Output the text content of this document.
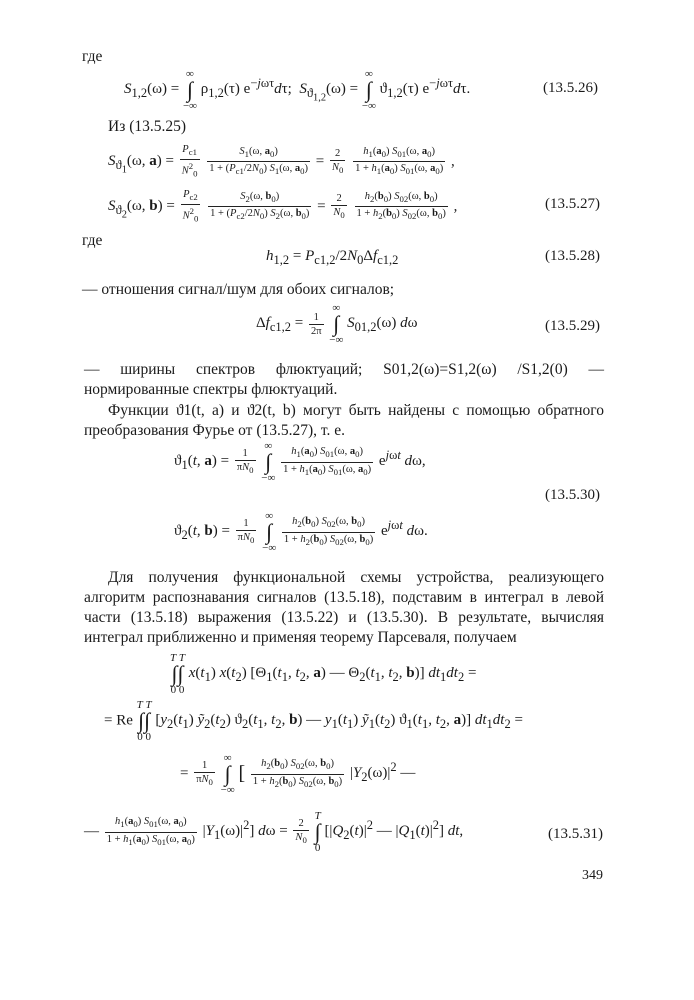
где
$S_{1,2}(\omega)$ =
∞
∫
−∞
$\rho_{1,2}(\tau)$ $e^{-j\omega\tau}d\tau$;  $S_{ϑ_{1,2}}(\omega)$ =
∞
∫
−∞
$ϑ_{1,2}(\tau)$ $e^{-j\omega\tau}d\tau$.	(13.5.26)
Из (13.5.25)
$S_{ϑ_1}(\omega$, $a) = \frac{P_{c1}}{N^2_0}$
$\frac{S_1(\omega, a_0)}{1 + (P_{c1}/2N_0) S_1(\omega, a_0)} = \frac{2}{N_0}$
$\frac{h_1(a_0) S_{01}(\omega, a_0)}{1 + h_1(a_0) S_{01}(\omega, a_0)}$ ,
$S_{ϑ_2}(\omega$, $b) = \frac{P_{c2}}{N^2_0}$
$\frac{S_2(\omega, b_0)}{1 + (P_{c2}/2N_0) S_2(\omega, b_0)} = \frac{2}{N_0}$
$\frac{h_2(b_0) S_{02}(\omega, b_0)}{1 + h_2(b_0) S_{02}(\omega, b_0)}$ ,	(13.5.27)
где
$h_{1,2} = P_{c1,2}/2N_0\Delta f_{c1,2}$	(13.5.28)
— отношения сигнал/шум для обоих сигналов;
$\Delta f_{c1,2} = \frac{1}{2\pi}$

∞
∫
−∞
$S_{01,2}(\omega)$ dω	(13.5.29)
— ширины спектров флюктуаций; S01,2(ω)=S1,2(ω) /S1,2(0) — нормированные спектры флюктуаций.
Функции ϑ1(t, a) и ϑ2(t, b) могут быть найдены с помощью обратного преобразования Фурье от (13.5.27), т. е.
$ϑ_1(t$, $a) = \frac{1}{\pi N_0}$

∞
∫
−∞
$\frac{h_1(a_0) S_{01}(\omega, a_0)}{1 + h_1(a_0) S_{01}(\omega, a_0)} e^{j\omega t}$ dω,
(13.5.30)
$ϑ_2(t$, $b) = \frac{1}{\pi N_0}$

∞
∫
−∞
$\frac{h_2(b_0) S_{02}(\omega, b_0)}{1 + h_2(b_0) S_{02}(\omega, b_0)} e^{j\omega t}$ dω.
Для получения функциональной схемы устройства, реализующего алгоритм распознавания сигналов (13.5.18), подставим в интеграл в левой части (13.5.18) выражения (13.5.22) и (13.5.30). В результате, вычисляя интеграл приближенно и применяя теорему Парсеваля, получаем
T T
∫∫
0 0
$x(t_1)$ $x(t_2)$ [$\Theta_1(t_1$, $t_2$, a) — $\Theta_2(t_1$, $t_2$, b)] $dt_1dt_2$ =
= Re
T T
∫∫
0 0
[$y_2(t_1)$ $ỹ_2(t_2)$ $ϑ_2(t_1$, $t_2$, b) — $y_1(t_1)$ $ỹ_1(t_2)$ $ϑ_1(t_1$, $t_2$, a)] $dt_1dt_2$ =
= $\frac{1}{\pi N_0}$

∞
∫
−∞
[ $\frac{h_2(b_0) S_{02}(\omega, b_0)}{1 + h_2(b_0) S_{02}(\omega, b_0)} |Y_2(\omega)|^2$ —
— $\frac{h_1(a_0) S_{01}(\omega, a_0)}{1 + h_1(a_0) S_{01}(\omega, a_0)} |Y_1(\omega)|^2$] $d\omega = \frac{2}{N_0}$

T
∫
0
[$|Q_2(t)|^2$ — $|Q_1(t)|^2$] dt,	(13.5.31)
349
